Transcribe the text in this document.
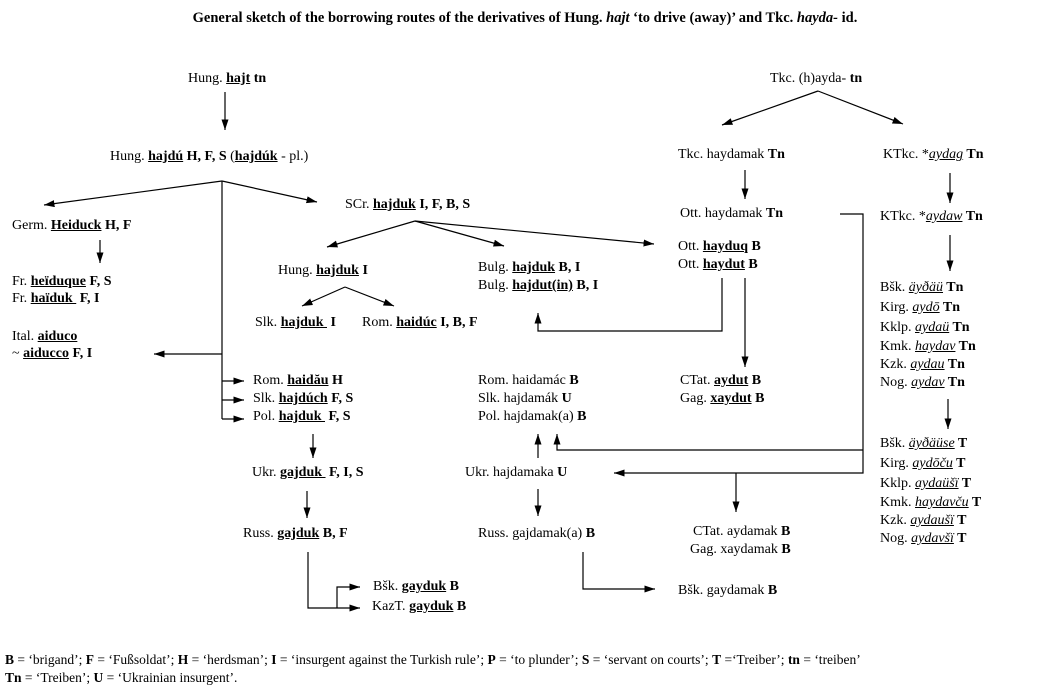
General sketch of the borrowing routes of the derivatives of Hung. hajt ‘to drive (away)’ and Tkc. hayda- id.
B = ‘brigand’; F = ‘Fußsoldat’; H = ‘herdsman’; I = ‘insurgent against the Turkish rule’; P = ‘to plunder’; S = ‘servant on courts’; T =‘Treiber’; tn = ‘treiben’
Tn = ‘Treiben’; U = ‘Ukrainian insurgent’.
Hung. hajt tn
Hung. hajdú H, F, S (hajdúk - pl.)
Germ. Heiduck H, F
Fr. heïduque F, S
Fr. haïduk  F, I
Ital. aiduco
~ aiducco F, I
SCr. hajduk I, F, B, S
Hung. hajduk I
Slk. hajduk  I Rom. haidúc I, B, F
Bulg. hajduk B, I
Bulg. hajdut(in) B, I
Rom. haidău H
Slk. hajdúch F, S
Pol. hajduk  F, S
Ukr. gajduk  F, I, S
Russ. gajduk B, F
Bšk. gayduk B
KazT. gayduk B
Rom. haidamác B
Slk. hajdamák U
Pol. hajdamak(a) B
Ukr. hajdamaka U
Russ. gajdamak(a) B	CTat. aydamak B
Gag. xaydamak B
Bšk. gaydamak B
Tkc. (h)ayda- tn
Tkc. haydamak Tn	KTkc. *aydag Tn
Ott. haydamak Tn	KTkc. *aydaw Tn
Ott. hayduq B
Ott. haydut B
CTat. aydut B
Gag. xaydut B
Bšk. äyðäü Tn
Kirg. aydō Tn
Kklp. aydaü Tn
Kmk. haydav Tn
Kzk. aydau Tn
Nog. aydav Tn
Bšk. äyðäüse T
Kirg. aydōču T
Kklp. aydaüšï T
Kmk. haydavču T
Kzk. aydaušï T
Nog. aydavšï T
